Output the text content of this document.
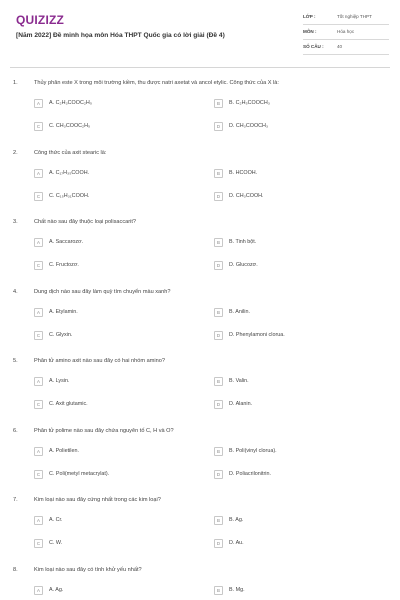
QUIZIZZ
[Năm 2022] Đề minh họa môn Hóa THPT Quốc gia có lời giải (Đề 4)
LỚP :	Tốt nghiệp THPT
MÔN :	Hóa học
SỐ CÂU :	40
1.	Thủy phân este X trong môi trường kiềm, thu được natri axetat và ancol etylic. Công thức của X là:
A	A. C₂H₃COOC₂H₅	B	B. C₂H₅COOCH₃
C	C. CH₃COOC₂H₅	D	D. CH₃COOCH₃
2.	Công thức của axit stearic là:
A	A. C₁₇H₃₅COOH.	B	B. HCOOH.
C	C. C₁₅H₃₁COOH.	D	D. CH₃COOH.
3.	Chất nào sau đây thuộc loại polisaccarit?
A	A. Saccarozơ.	B	B. Tinh bột.
C	C. Fructozơ.	D	D. Glucozơ.
4.	Dung dịch nào sau đây làm quỳ tím chuyển màu xanh?
A	A. Etylamin.	B	B. Anilin.
C	C. Glyxin.	D	D. Phenylamoni clorua.
5.	Phân tử amino axit nào sau đây có hai nhóm amino?
A	A. Lysin.	B	B. Valin.
C	C. Axit glutamic.	D	D. Alanin.
6.	Phân tử polime nào sau đây chứa nguyên tố C, H và O?
A	A. Polietilen.	B	B. Poli(vinyl clorua).
C	C. Poli(metyl metacrylat).	D	D. Poliacrilonitrin.
7.	Kim loại nào sau đây cứng nhất trong các kim loại?
A	A. Cr.	B	B. Ag.
C	C. W.	D	D. Au.
8.	Kim loại nào sau đây có tính khử yếu nhất?
A	A. Ag.	B	B. Mg.
